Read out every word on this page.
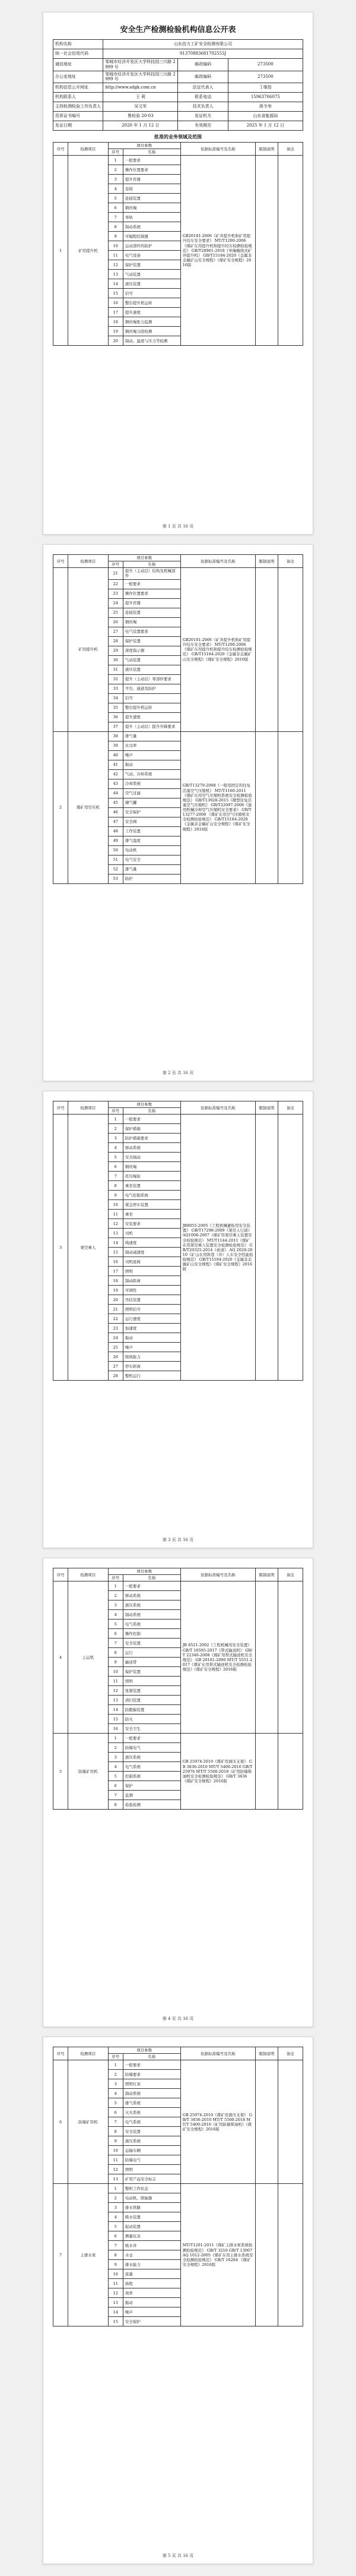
安全生产检测检验机构信息公开表
机构名称	山东信力工矿安全检测有限公司		
统一社会信用代码	91370883681702555J		
通信地址	邹城市经济开发区大学科技园三川路 2999 号	邮政编码	273500
办公室地址	邹城市经济开发区大学科技园三川路 2999 号	邮政编码	273500
机构信息公开网址	http://www.sdgk.com.cn	法定代表人	丁维姣
机构联系人	王 莉	联系电话	15963706075
主持检测检验工作负责人	吴文军	技术负责人	蒋令举
资质证书编号	鲁检验 20-03	发证机关	山东省能源局
发证日期	2020 年 1 月 12 日	有效期至	2025 年 1 月 12 日
批准的业务领域及范围
序号	检测项目	项目参数		依据标准编号及名称	限制说明	备注
		序号	名称			
1	矿用提升机	1	一般要求	GB20181-2006《矿井提升机和矿用提升绞车安全要求》 MT/T1200-2006《煤矿在用提升机和提升绞车检测检验规范》 GB/T20961-2018《单绳缠绕式矿井提升机》 GB/T15184-2020《金属非金属矿山安全规程》《煤矿安全规程》2016版		
		2	操作位置要求			
		3	提升容器			
		4	卷筒			
		5	连接装置			
		6	钢丝绳			
		7	导轨			
		8	制动系统			
		9	可编程控制器			
		10	运动部件的防护			
		11	电气设备			
		12	保护装置			
		13	气动装置			
		14	液压装置			
		15	信号			
		16	整台提升机运转			
		17	提升速度			
		18	钢丝绳张力监测			
		19	钢丝绳分段检测			
		20	制动、温度与压力等检测			
第 1 页 共 16 页
序号	检测项目	项目参数		依据标准编号及名称	限制说明	备注
		序号	名称			
	矿用提升机	21	提升（主动层）结构及机械部件	GB20181-2006《矿井提升机和矿用提升绞车安全要求》 MT/T1200-2006《煤矿在用提升机和提升绞车检测检验规范》 GB/T15184-2020《金属非金属矿山安全规程》《煤矿安全规程》2016版		
		22	一般要求			
		23	操作位置要求			
		24	提升容器			
		25	连接装置			
		26	钢丝绳			
		27	电气装置要求			
		28	保护装置			
		29	深度指示器			
		30	气动装置			
		31	液压装置			
		32	提升（主动层）零部件要求			
		33	平台、通道及防护			
		34	信号			
		35	整台提升机运转			
		36	提升速度			
		37	提升（主动层）提升升降要求			
2	煤矿用空压机	38	排气量	GB/T13279-2008《一般用固定的往复活塞空气压缩机》 MT/T1160-2011《煤矿在用空气压缩机系统安全检测检验规范》 GB/T13928-2015《微型往复活塞空气压缩机》 GB/T22097-2008《通用机械冷却空气压缩机安全要求》 GB/T13277-2008 《煤矿在用空气压缩机安全检测检验规范》 GB/T15184-2020《金属非金属矿山安全规程》《煤矿安全规程》2016版		
		39	比功率			
		40	噪声			
		41	振动			
		42	气动、冷却系统			
		43	冷却系统			
		44	空气过滤			
		45	储气罐			
		46	安全保护			
		47	安全阀			
		48	工作装置			
		49	排气温度			
		50	电动机			
		51	电气安全			
		52	排气量			
		53	防护			
第 2 页 共 16 页
序号	检测项目	项目参数		依据标准编号及名称	限制说明	备注
		序号	名称			
3	架空乘人	1	一般要求	JB8055-2005《工程机械避险用安全装置》 GB/T17298-2009《架空人行道》 AQ1008-2007《煤矿用架空乘人装置安全检验规范》 MT/T1144-2011《煤矿在用架空乘人装置安全检测检验规范》 GB/T20325-2014《索道》 AQ 2028-2010《矿山在用斜巷（井）人车安全性能检验规范》 GB/T15184-2020《金属非金属矿山安全规程》《煤矿安全规程》2016版		
		2	保护措施			
		3	防护措施要求			
		4	驱动系统			
		5	安全制动			
		6	钢丝绳			
		7	托压绳轮			
		8	乘坐装置			
		9	电气控制系统			
		10	紧急停车装置			
		11	乘坐			
		12	安装要求			
		13	司机			
		14	线速度			
		15	制动减速度			
		16	司机座椅			
		17	照明			
		18	制动距离			
		19	可调性			
		20	吊挂装置			
		21	照明信号			
		22	运行速度			
		23	加速度			
		24	振动			
		25	噪声			
		26	爬坡能力			
		27	停车距离			
		28	整机运行			
第 3 页 共 16 页
序号	检测项目	项目参数		依据标准编号及名称	限制说明	备注
		序号	名称			
4	主运机	1	一般要求	JB 8521-2002《工程机械用安全装置》 GB/T 10595-2017《带式输送机》 GB/T 22340-2008《煤矿用带式输送机安全规范》 GB 20181-2006 MT/T 5551-2017《煤矿在用带式输送机安全检测检验规范》《煤矿安全规程》2016版		
		2	驱动系统			
		3	液压系统			
		4	制动系统			
		5	电气系统			
		6	操作控制			
		7	安全装置			
		8	运行			
		9	输送带			
		10	保护装置			
		11	照明			
		12	张紧装置			
		13	清扫装置			
		14	防跑偏装置			
		15	防火			
		16	安全卫生			
5	防爆矿用机	1	一般要求	GB 25974-2010《煤矿用液压支架》 GB 3836-2010 MT/T 5400-2016 GB/T 25976 MT/T 5500-2018《矿用防爆柴油机安全检测检验规范》 GB/T 3836《煤矿安全规程》2016版		
		2	防爆电气			
		3	液压系统			
		4	电气系统			
		5	控制系统			
		6	保护			
		7	监测			
		8	检验检测			
第 4 页 共 16 页
序号	检测项目	项目参数		依据标准编号及名称	限制说明	备注
		序号	名称			
6	防爆矿用机	1	一般要求	GB 25974-2010《煤矿用液压支架》 GB/T 3836-2010 MT/T 5500-2018 MT/T 5400-2016《矿用防爆柴油机》《煤矿安全规程》2016版		
		2	防爆要求			
		3	照明灯具			
		4	制动系统			
		5	排气系统			
		6	灭火系统			
		7	电气系统			
		8	安全装置			
		9	液压系统			
		10	运输车辆			
		11	防爆电气			
		12	照明			
		13	矿用产品安全标志			
7	主排水泵	1	整机工作状态	MT/T1201-2011《煤矿主排水泵系统检测检验规范》 GB/T 3216 GB/T 13007 AQ 1012-2005《煤矿在用主排水系统安全检测检验规范》 GB/T 16284 《煤矿安全规程》2016版		
		2	电动机、联轴器			
		3	排水管路			
		4	吸水装置			
		5	起动装置			
		6	测量仪表			
		7	吸水井			
		8	水仓			
		9	排水能力			
		10	流量			
		11	扬程			
		12	效率			
		13	振动			
		14	噪声			
		15	安全保护			
第 5 页 共 16 页
